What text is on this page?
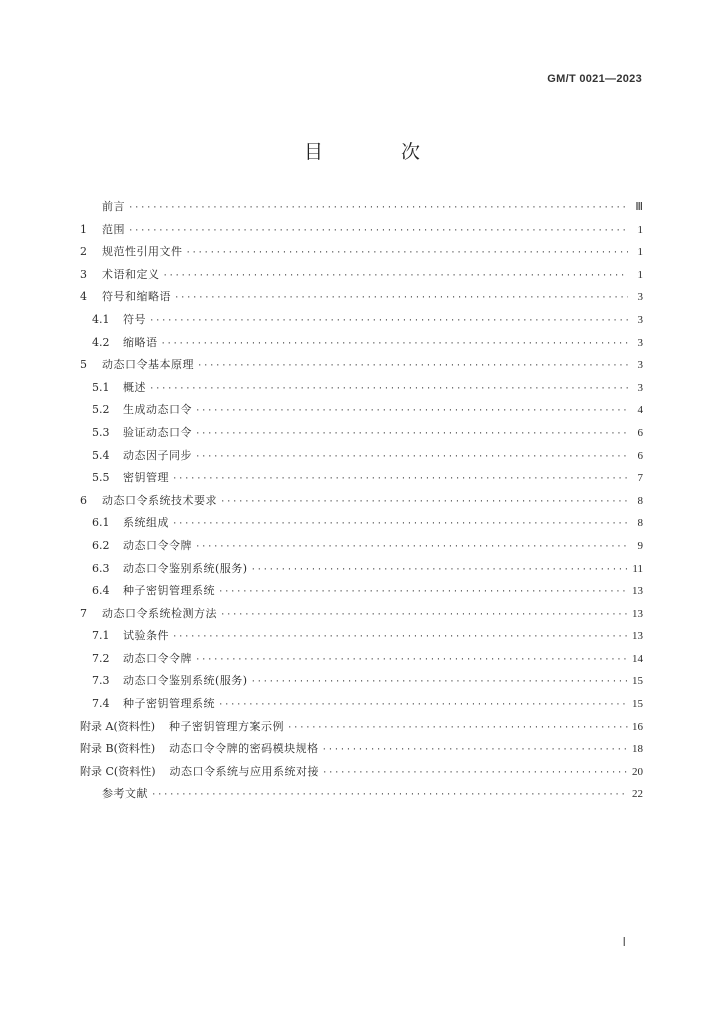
GM/T 0021—2023
目 次
前言 ·····	Ⅲ
1	范围 ·····	1
2	规范性引用文件 ·····	1
3	术语和定义 ·····	1
4	符号和缩略语 ·····	3
4.1	符号 ·····	3
4.2	缩略语 ·····	3
5	动态口令基本原理 ·····	3
5.1	概述 ·····	3
5.2	生成动态口令 ·····	4
5.3	验证动态口令 ·····	6
5.4	动态因子同步 ·····	6
5.5	密钥管理 ·····	7
6	动态口令系统技术要求 ·····	8
6.1	系统组成 ·····	8
6.2	动态口令令牌 ·····	9
6.3	动态口令鉴别系统(服务) ·····	11
6.4	种子密钥管理系统 ·····	13
7	动态口令系统检测方法 ·····	13
7.1	试验条件 ·····	13
7.2	动态口令令牌 ·····	14
7.3	动态口令鉴别系统(服务) ·····	15
7.4	种子密钥管理系统 ·····	15
附录 A(资料性) 种子密钥管理方案示例 ·····	16
附录 B(资料性) 动态口令令牌的密码模块规格 ·····	18
附录 C(资料性) 动态口令系统与应用系统对接 ·····	20
参考文献 ·····	22
Ⅰ
